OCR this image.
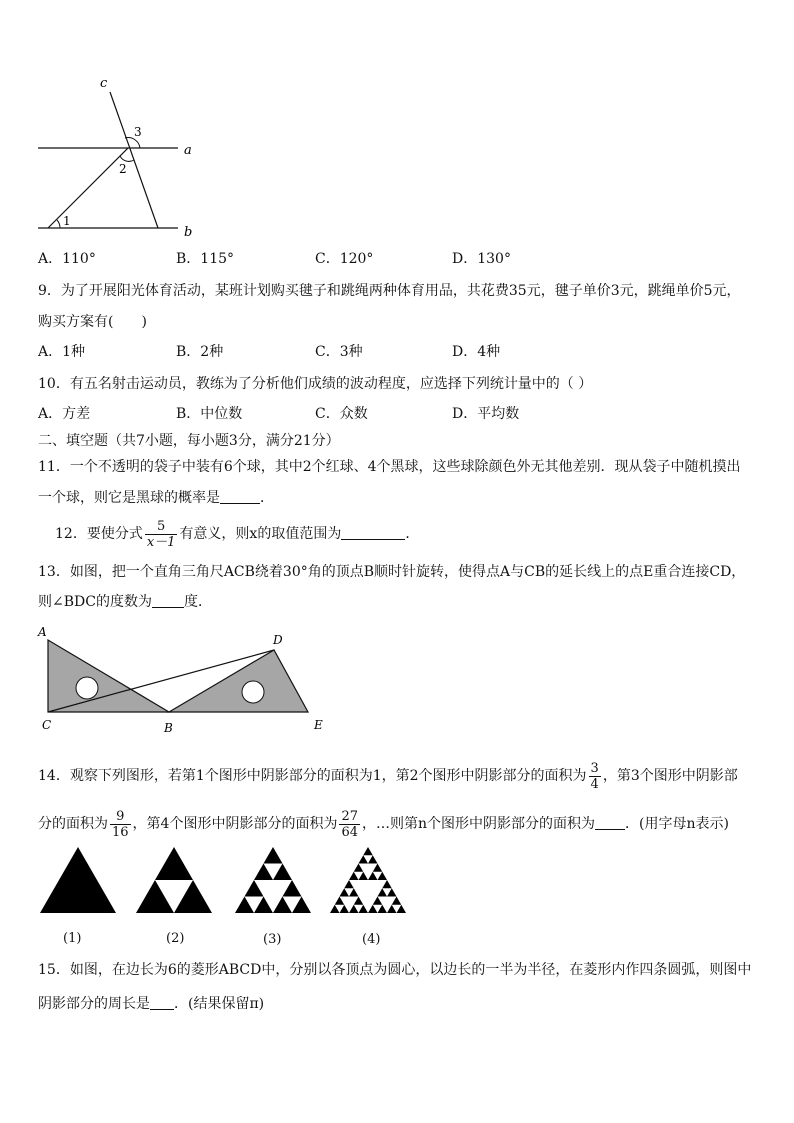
c
a
b
1
2
3
A．110°	B．115°	C．120°	D．130°
9．为了开展阳光体育活动，某班计划购买毽子和跳绳两种体育用品，共花费35元，毽子单价3元，跳绳单价5元，
购买方案有(　　)
A．1种	B．2种	C．3种	D．4种
10．有五名射击运动员，教练为了分析他们成绩的波动程度，应选择下列统计量中的（ ）
A．方差	B．中位数	C．众数	D．平均数
二、填空题（共7小题，每小题3分，满分21分）
11．一个不透明的袋子中装有6个球，其中2个红球、4个黑球，这些球除颜色外无其他差别．现从袋子中随机摸出
一个球，则它是黑球的概率是	．
12．要使分式 $\frac{5}{x-1}$ 有意义，则x的取值范围为	．
13．如图，把一个直角三角尺ACB绕着30°角的顶点B顺时针旋转，使得点A与CB的延长线上的点E重合连接CD，
则∠BDC的度数为 度．
A
C	B
D
E
14．观察下列图形，若第1个图形中阴影部分的面积为1，第2个图形中阴影部分的面积为 $\frac{3}{4}$ ，第3个图形中阴影部
分的面积为 $\frac{9}{16}$ ，第4个图形中阴影部分的面积为 $\frac{27}{64}$ ，…则第n个图形中阴影部分的面积为 ．(用字母n表示)
(1)	(2)	(3)	(4)
15．如图，在边长为6的菱形ABCD中，分别以各顶点为圆心，以边长的一半为半径，在菱形内作四条圆弧，则图中
阴影部分的周长是 ．(结果保留π)
